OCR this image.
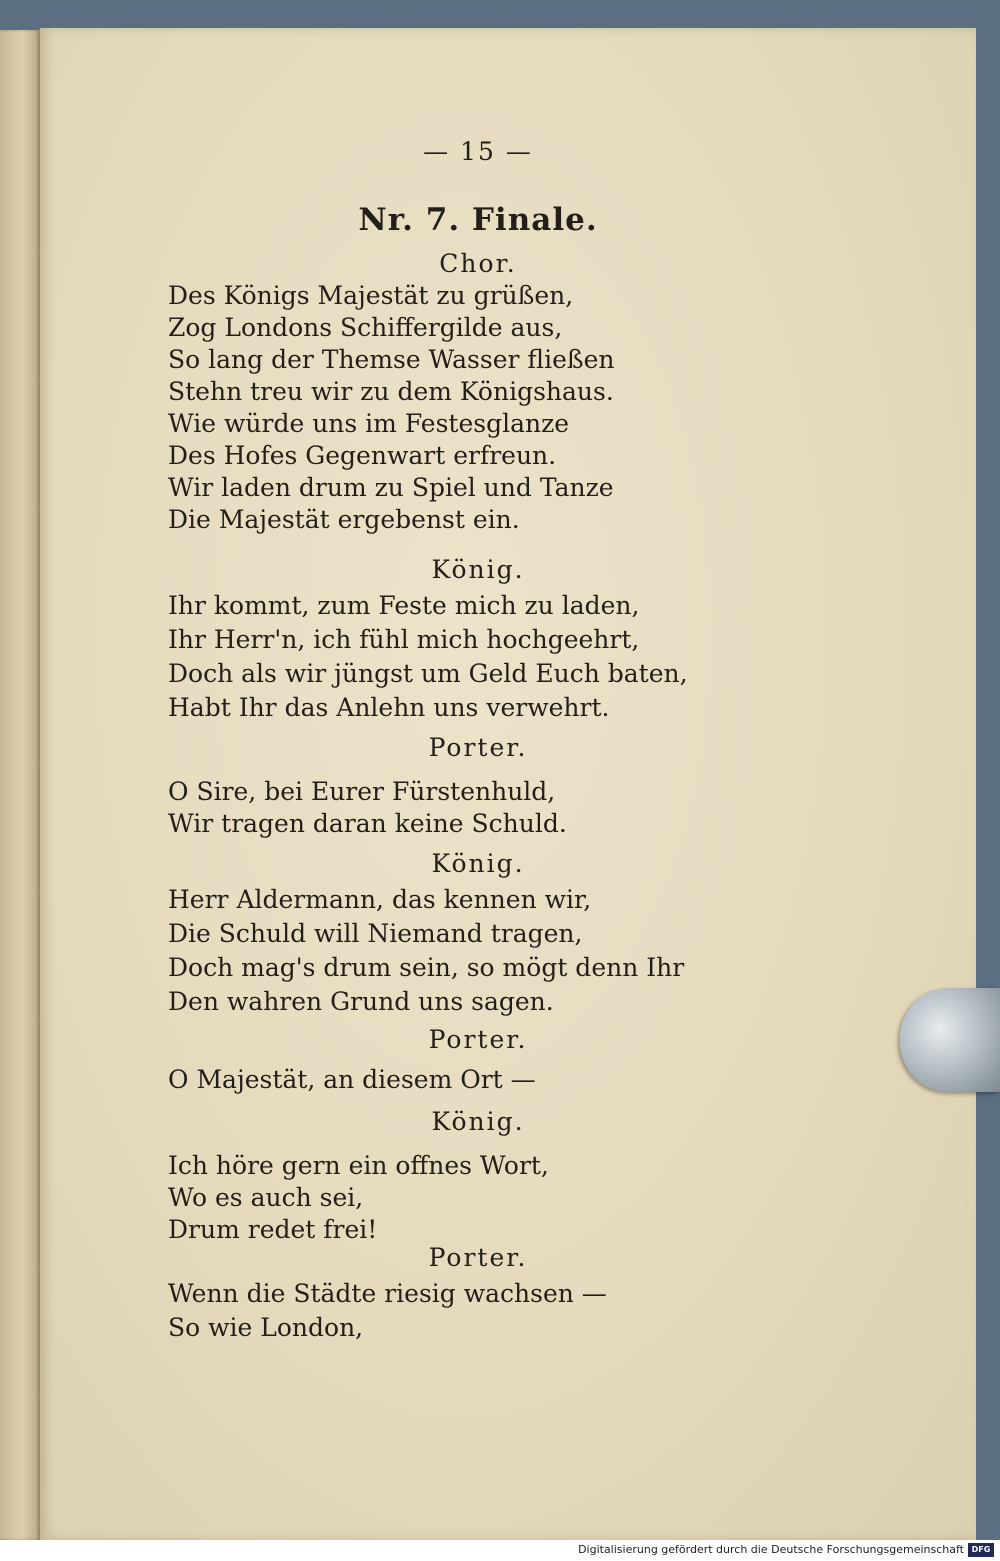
— 15 —
Nr. 7. Finale.
Chor.
Des Königs Majestät zu grüßen,
Zog Londons Schiffergilde aus,
So lang der Themse Wasser fließen
Stehn treu wir zu dem Königshaus.
Wie würde uns im Festesglanze
Des Hofes Gegenwart erfreun.
Wir laden drum zu Spiel und Tanze
Die Majestät ergebenst ein.
König.
Ihr kommt, zum Feste mich zu laden,
Ihr Herr'n, ich fühl mich hochgeehrt,
Doch als wir jüngst um Geld Euch baten,
Habt Ihr das Anlehn uns verwehrt.
Porter.
O Sire, bei Eurer Fürstenhuld,
Wir tragen daran keine Schuld.
König.
Herr Aldermann, das kennen wir,
Die Schuld will Niemand tragen,
Doch mag's drum sein, so mögt denn Ihr
Den wahren Grund uns sagen.
Porter.
O Majestät, an diesem Ort —
König.
Ich höre gern ein offnes Wort,
Wo es auch sei,
Drum redet frei!
Porter.
Wenn die Städte riesig wachsen —
So wie London,
Digitalisierung gefördert durch die Deutsche Forschungsgemeinschaft DFG
